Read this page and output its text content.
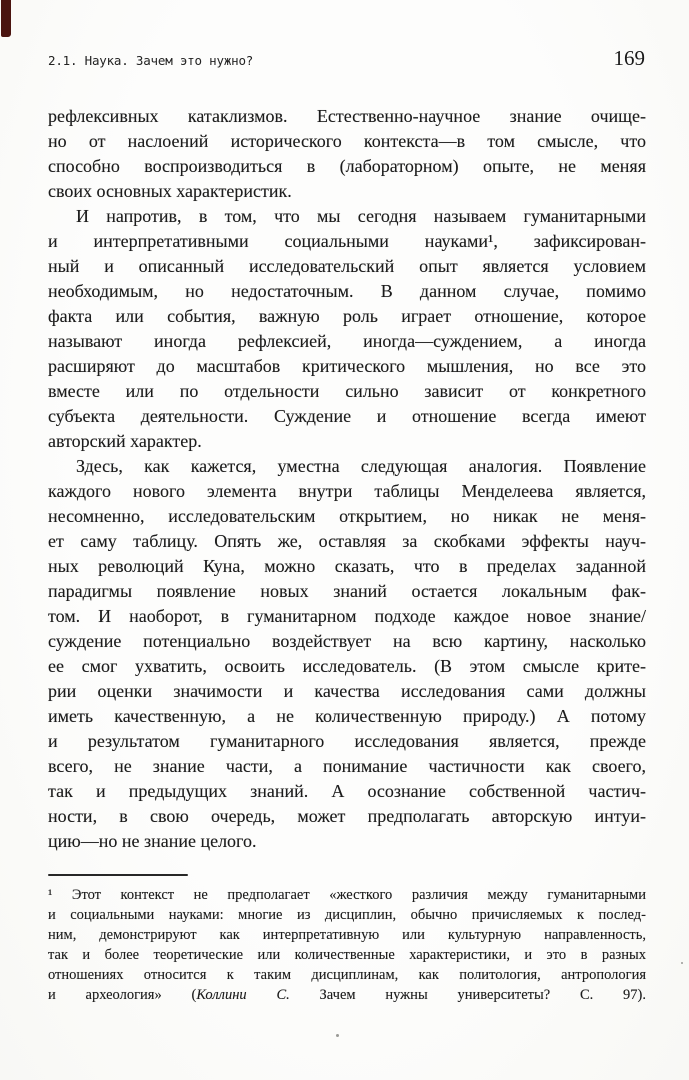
2.1. Наука. Зачем это нужно?	169
рефлексивных катаклизмов. Естественно-научное знание очище-
но от наслоений исторического контекста—в том смысле, что
способно воспроизводиться в (лабораторном) опыте, не меняя
своих основных характеристик.
И напротив, в том, что мы сегодня называем гуманитарными
и интерпретативными социальными науками¹, зафиксирован-
ный и описанный исследовательский опыт является условием
необходимым, но недостаточным. В данном случае, помимо
факта или события, важную роль играет отношение, которое
называют иногда рефлексией, иногда—суждением, а иногда
расширяют до масштабов критического мышления, но все это
вместе или по отдельности сильно зависит от конкретного
субъекта деятельности. Суждение и отношение всегда имеют
авторский характер.
Здесь, как кажется, уместна следующая аналогия. Появление
каждого нового элемента внутри таблицы Менделеева является,
несомненно, исследовательским открытием, но никак не меня-
ет саму таблицу. Опять же, оставляя за скобками эффекты науч-
ных революций Куна, можно сказать, что в пределах заданной
парадигмы появление новых знаний остается локальным фак-
том. И наоборот, в гуманитарном подходе каждое новое знание/
суждение потенциально воздействует на всю картину, насколько
ее смог ухватить, освоить исследователь. (В этом смысле крите-
рии оценки значимости и качества исследования сами должны
иметь качественную, а не количественную природу.) А потому
и результатом гуманитарного исследования является, прежде
всего, не знание части, а понимание частичности как своего,
так и предыдущих знаний. А осознание собственной частич-
ности, в свою очередь, может предполагать авторскую интуи-
цию—но не знание целого.
¹ Этот контекст не предполагает «жесткого различия между гуманитарными
и социальными науками: многие из дисциплин, обычно причисляемых к послед-
ним, демонстрируют как интерпретативную или культурную направленность,
так и более теоретические или количественные характеристики, и это в разных
отношениях относится к таким дисциплинам, как политология, антропология
и археология» (Коллини С. Зачем нужны университеты? С. 97).
